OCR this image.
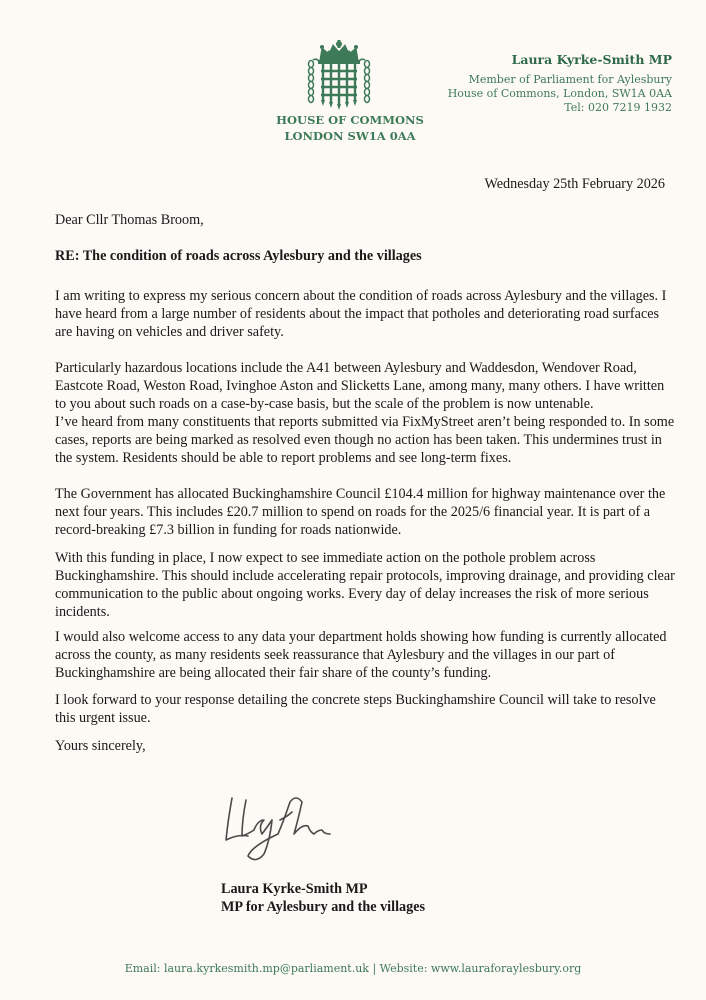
HOUSE OF COMMONS
LONDON SW1A 0AA
Laura Kyrke-Smith MP
Member of Parliament for Aylesbury
House of Commons, London, SW1A 0AA
Tel: 020 7219 1932
Wednesday 25th February 2026
Dear Cllr Thomas Broom,
RE: The condition of roads across Aylesbury and the villages

I am writing to express my serious concern about the condition of roads across Aylesbury and the villages. I have heard from a large number of residents about the impact that potholes and deteriorating road surfaces are having on vehicles and driver safety.

Particularly hazardous locations include the A41 between Aylesbury and Waddesdon, Wendover Road, Eastcote Road, Weston Road, Ivinghoe Aston and Slicketts Lane, among many, many others. I have written to you about such roads on a case-by-case basis, but the scale of the problem is now untenable.

I’ve heard from many constituents that reports submitted via FixMyStreet aren’t being responded to. In some cases, reports are being marked as resolved even though no action has been taken. This undermines trust in the system. Residents should be able to report problems and see long-term fixes.

The Government has allocated Buckinghamshire Council £104.4 million for highway maintenance over the next four years. This includes £20.7 million to spend on roads for the 2025/6 financial year. It is part of a record-breaking £7.3 billion in funding for roads nationwide.

With this funding in place, I now expect to see immediate action on the pothole problem across Buckinghamshire. This should include accelerating repair protocols, improving drainage, and providing clear communication to the public about ongoing works. Every day of delay increases the risk of more serious incidents.

I would also welcome access to any data your department holds showing how funding is currently allocated across the county, as many residents seek reassurance that Aylesbury and the villages in our part of Buckinghamshire are being allocated their fair share of the county’s funding.

I look forward to your response detailing the concrete steps Buckinghamshire Council will take to resolve this urgent issue.

Yours sincerely,
Laura Kyrke-Smith MP
MP for Aylesbury and the villages
Email: laura.kyrkesmith.mp@parliament.uk | Website: www.lauraforaylesbury.org
